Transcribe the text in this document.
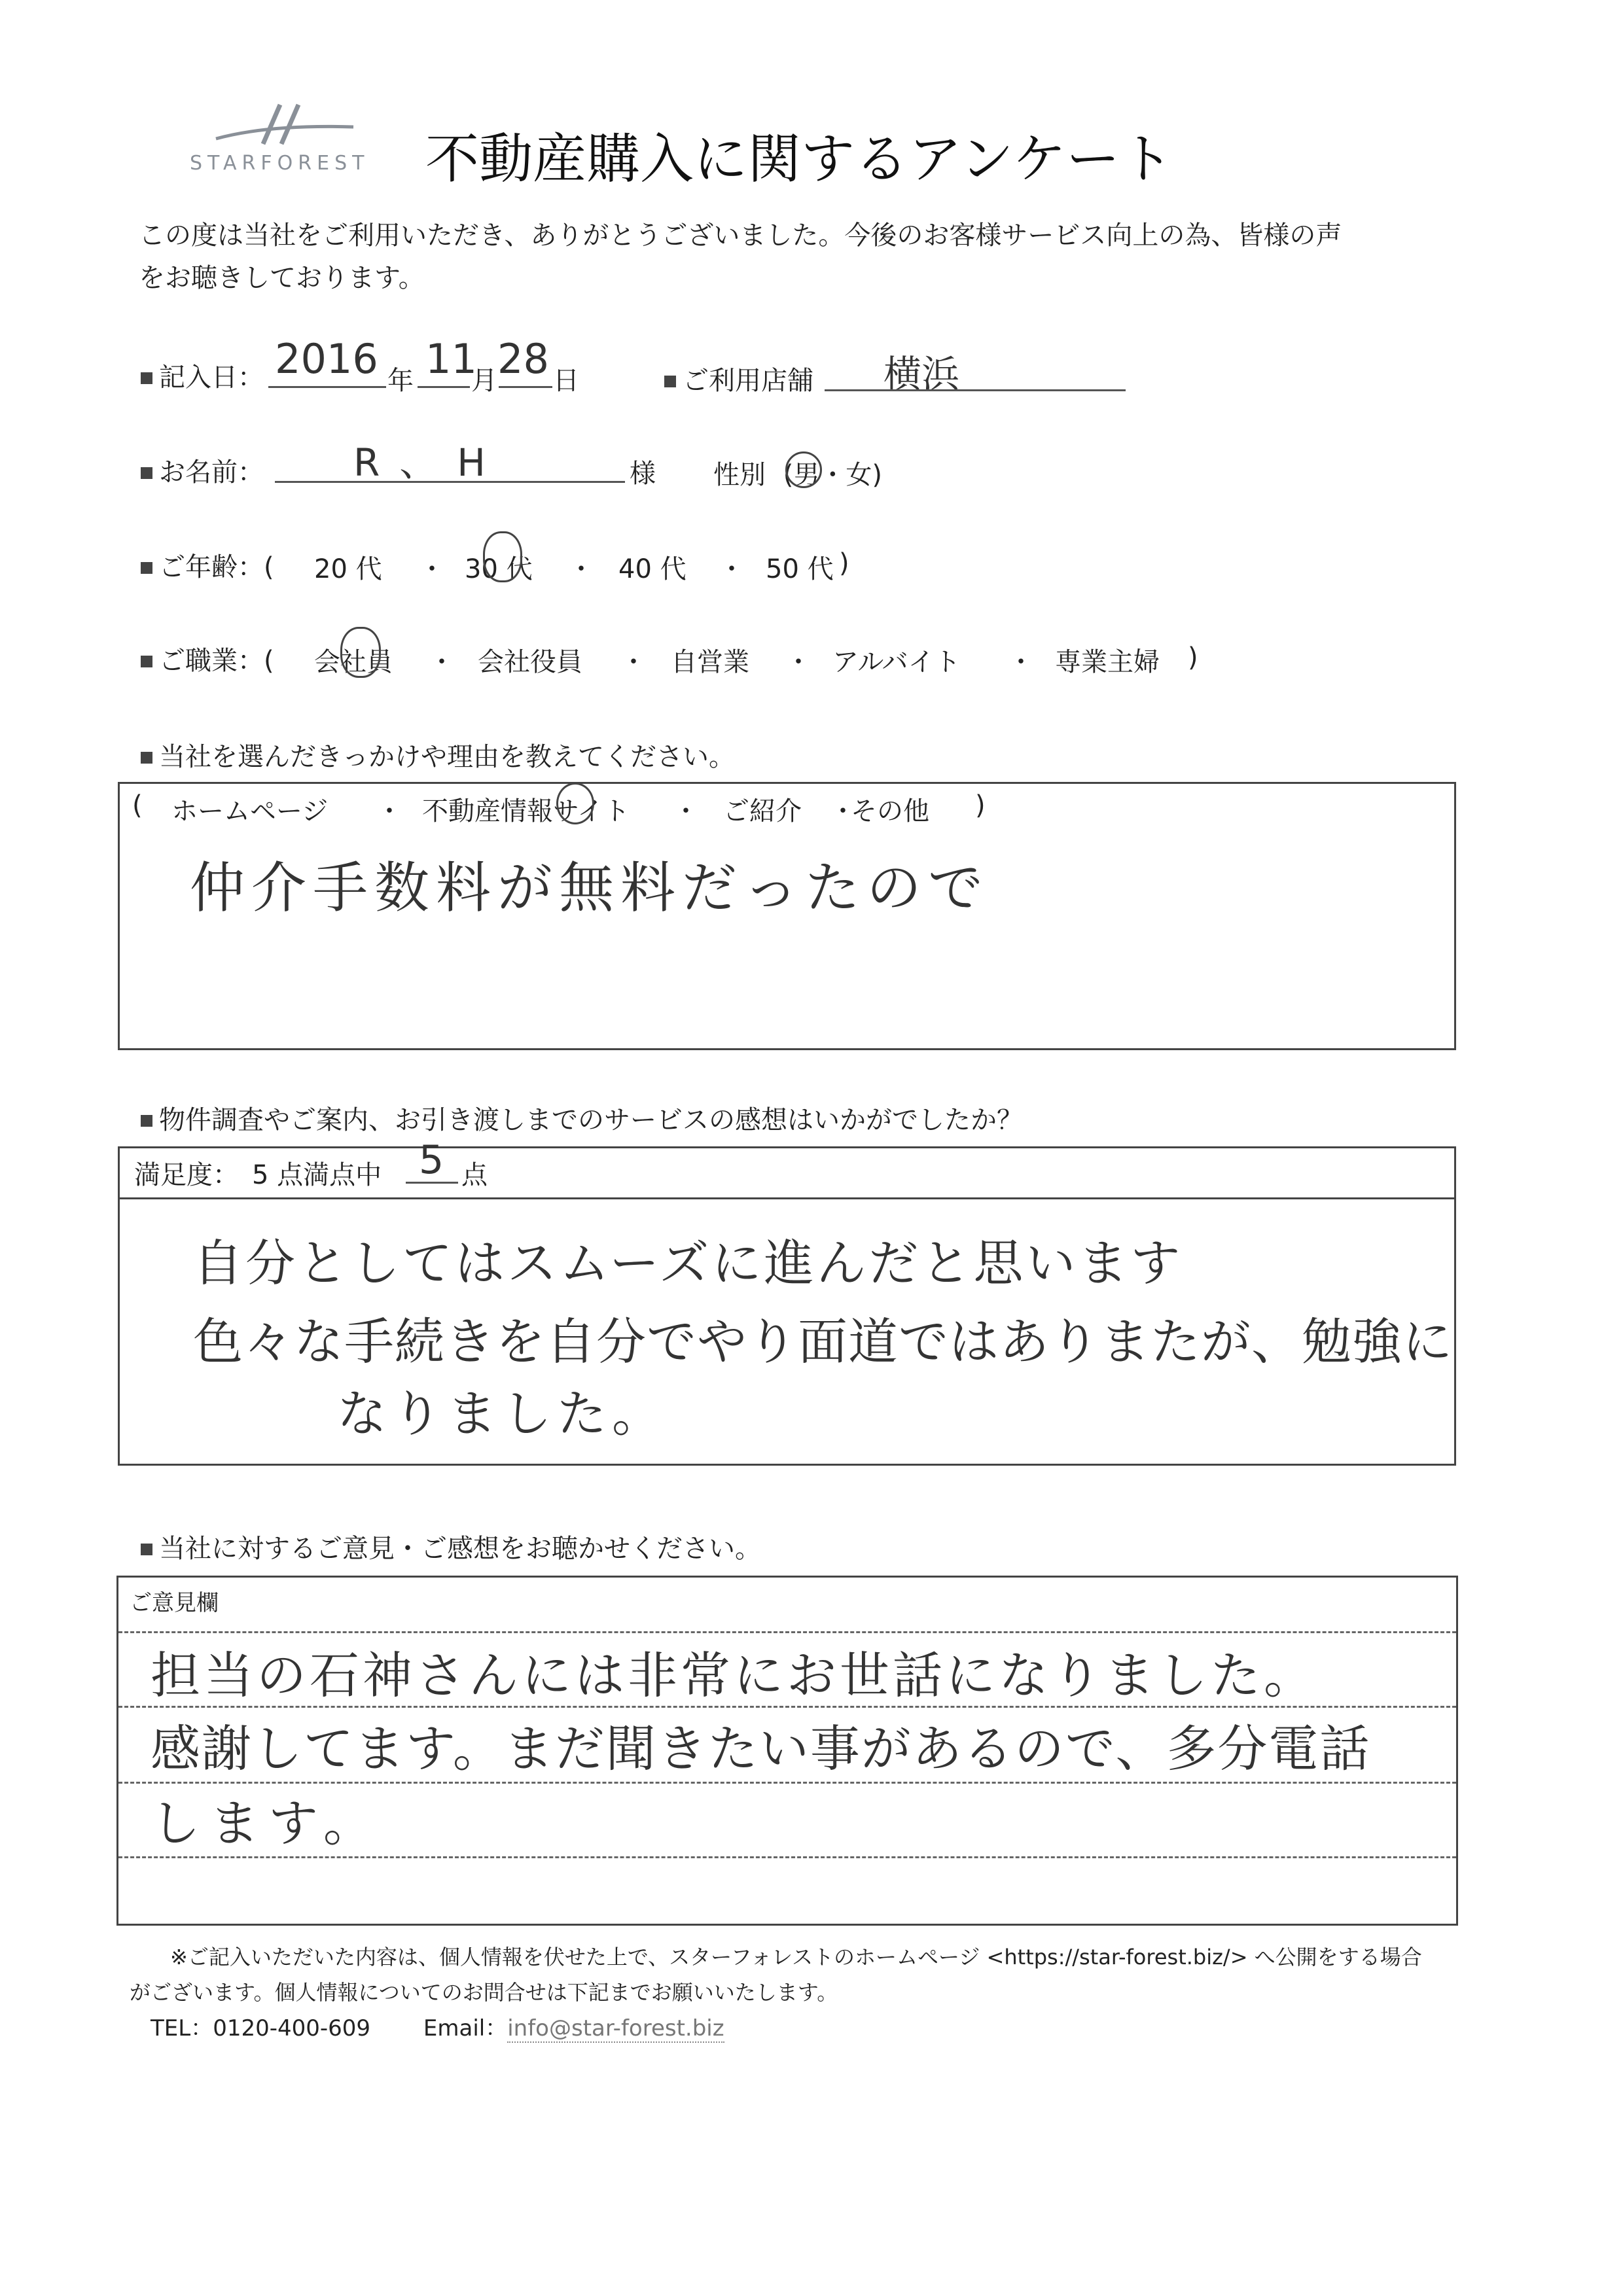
STARFOREST 不動産購入に関するアンケート
この度は当社をご利用いただき、ありがとうございました。今後のお客様サービス向上の為、皆様の声
をお聴きしております。
記入日： 2016 年 11
月 28 日	ご利用店舗 横浜
お名前： R、H	様 性別 (男・女)
ご年齢：( 20 代 ・ 30 代 ・ 40 代 ・ 50 代 )
ご職業：( 会社員 ・ 会社役員 ・ 自営業 ・ アルバイト ・ 専業主婦 )
当社を選んだきっかけや理由を教えてください。
( ホームページ ・ 不動産情報サイト ・ ご紹介 ・
その他 )
仲介手数料が無料だったので
物件調査やご案内、お引き渡しまでのサービスの感想はいかがでしたか？
満足度：　5 点満点中 5 点
自分としてはスムーズに進んだと思います
色々な手続きを自分でやり面道ではありまたが、勉強に
なりました。
当社に対するご意見・ご感想をお聴かせください。
ご意見欄
担当の石神さんには非常にお世話になりました。
感謝してます。まだ聞きたい事があるので、多分電話
します。
※ご記入いただいた内容は、個人情報を伏せた上で、スターフォレストのホームページ <https://star-forest.biz/> へ公開をする場合
がございます。個人情報についてのお問合せは下記までお願いいたします。
TEL：0120-400-609 Email：info@star-forest.biz
